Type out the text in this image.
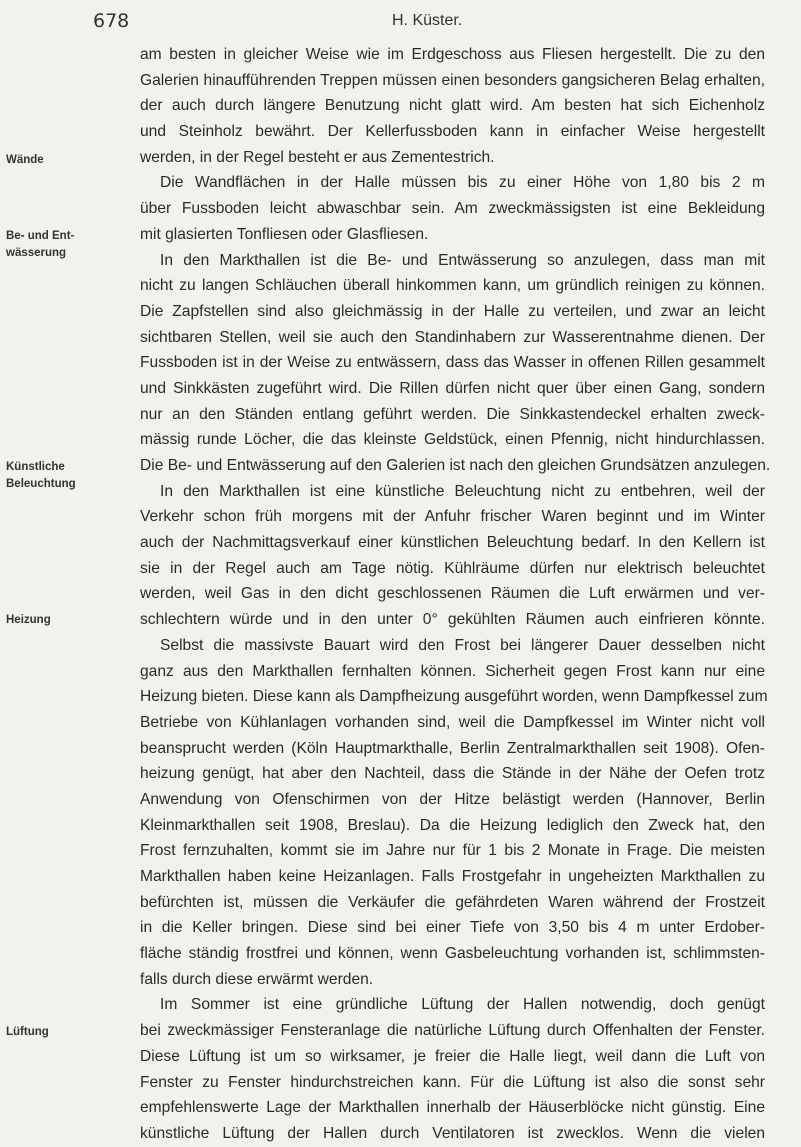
678	H. Küster.
Wände
Be- und Ent-
wässerung
Künstliche
Beleuchtung
Heizung
Lüftung
am besten in gleicher Weise wie im Erdgeschoss aus Fliesen hergestellt. Die zu den
Galerien hinaufführenden Treppen müssen einen besonders gangsicheren Belag erhalten,
der auch durch längere Benutzung nicht glatt wird. Am besten hat sich Eichenholz
und Steinholz bewährt. Der Kellerfussboden kann in einfacher Weise hergestellt
werden, in der Regel besteht er aus Zementestrich.
Die Wandflächen in der Halle müssen bis zu einer Höhe von 1,80 bis 2 m
über Fussboden leicht abwaschbar sein. Am zweckmässigsten ist eine Bekleidung
mit glasierten Tonfliesen oder Glasfliesen.
In den Markthallen ist die Be- und Entwässerung so anzulegen, dass man mit
nicht zu langen Schläuchen überall hinkommen kann, um gründlich reinigen zu können.
Die Zapfstellen sind also gleichmässig in der Halle zu verteilen, und zwar an leicht
sichtbaren Stellen, weil sie auch den Standinhabern zur Wasserentnahme dienen. Der
Fussboden ist in der Weise zu entwässern, dass das Wasser in offenen Rillen gesammelt
und Sinkkästen zugeführt wird. Die Rillen dürfen nicht quer über einen Gang, sondern
nur an den Ständen entlang geführt werden. Die Sinkkastendeckel erhalten zweck-
mässig runde Löcher, die das kleinste Geldstück, einen Pfennig, nicht hindurchlassen.
Die Be- und Entwässerung auf den Galerien ist nach den gleichen Grundsätzen anzulegen.
In den Markthallen ist eine künstliche Beleuchtung nicht zu entbehren, weil der
Verkehr schon früh morgens mit der Anfuhr frischer Waren beginnt und im Winter
auch der Nachmittagsverkauf einer künstlichen Beleuchtung bedarf. In den Kellern ist
sie in der Regel auch am Tage nötig. Kühlräume dürfen nur elektrisch beleuchtet
werden, weil Gas in den dicht geschlossenen Räumen die Luft erwärmen und ver-
schlechtern würde und in den unter 0° gekühlten Räumen auch einfrieren könnte.
Selbst die massivste Bauart wird den Frost bei längerer Dauer desselben nicht
ganz aus den Markthallen fernhalten können. Sicherheit gegen Frost kann nur eine
Heizung bieten. Diese kann als Dampfheizung ausgeführt worden, wenn Dampfkessel zum
Betriebe von Kühlanlagen vorhanden sind, weil die Dampfkessel im Winter nicht voll
beansprucht werden (Köln Hauptmarkthalle, Berlin Zentralmarkthallen seit 1908). Ofen-
heizung genügt, hat aber den Nachteil, dass die Stände in der Nähe der Oefen trotz
Anwendung von Ofenschirmen von der Hitze belästigt werden (Hannover, Berlin
Kleinmarkthallen seit 1908, Breslau). Da die Heizung lediglich den Zweck hat, den
Frost fernzuhalten, kommt sie im Jahre nur für 1 bis 2 Monate in Frage. Die meisten
Markthallen haben keine Heizanlagen. Falls Frostgefahr in ungeheizten Markthallen zu
befürchten ist, müssen die Verkäufer die gefährdeten Waren während der Frostzeit
in die Keller bringen. Diese sind bei einer Tiefe von 3,50 bis 4 m unter Erdober-
fläche ständig frostfrei und können, wenn Gasbeleuchtung vorhanden ist, schlimmsten-
falls durch diese erwärmt werden.
Im Sommer ist eine gründliche Lüftung der Hallen notwendig, doch genügt
bei zweckmässiger Fensteranlage die natürliche Lüftung durch Offenhalten der Fenster.
Diese Lüftung ist um so wirksamer, je freier die Halle liegt, weil dann die Luft von
Fenster zu Fenster hindurchstreichen kann. Für die Lüftung ist also die sonst sehr
empfehlenswerte Lage der Markthallen innerhalb der Häuserblöcke nicht günstig. Eine
künstliche Lüftung der Hallen durch Ventilatoren ist zwecklos. Wenn die vielen
